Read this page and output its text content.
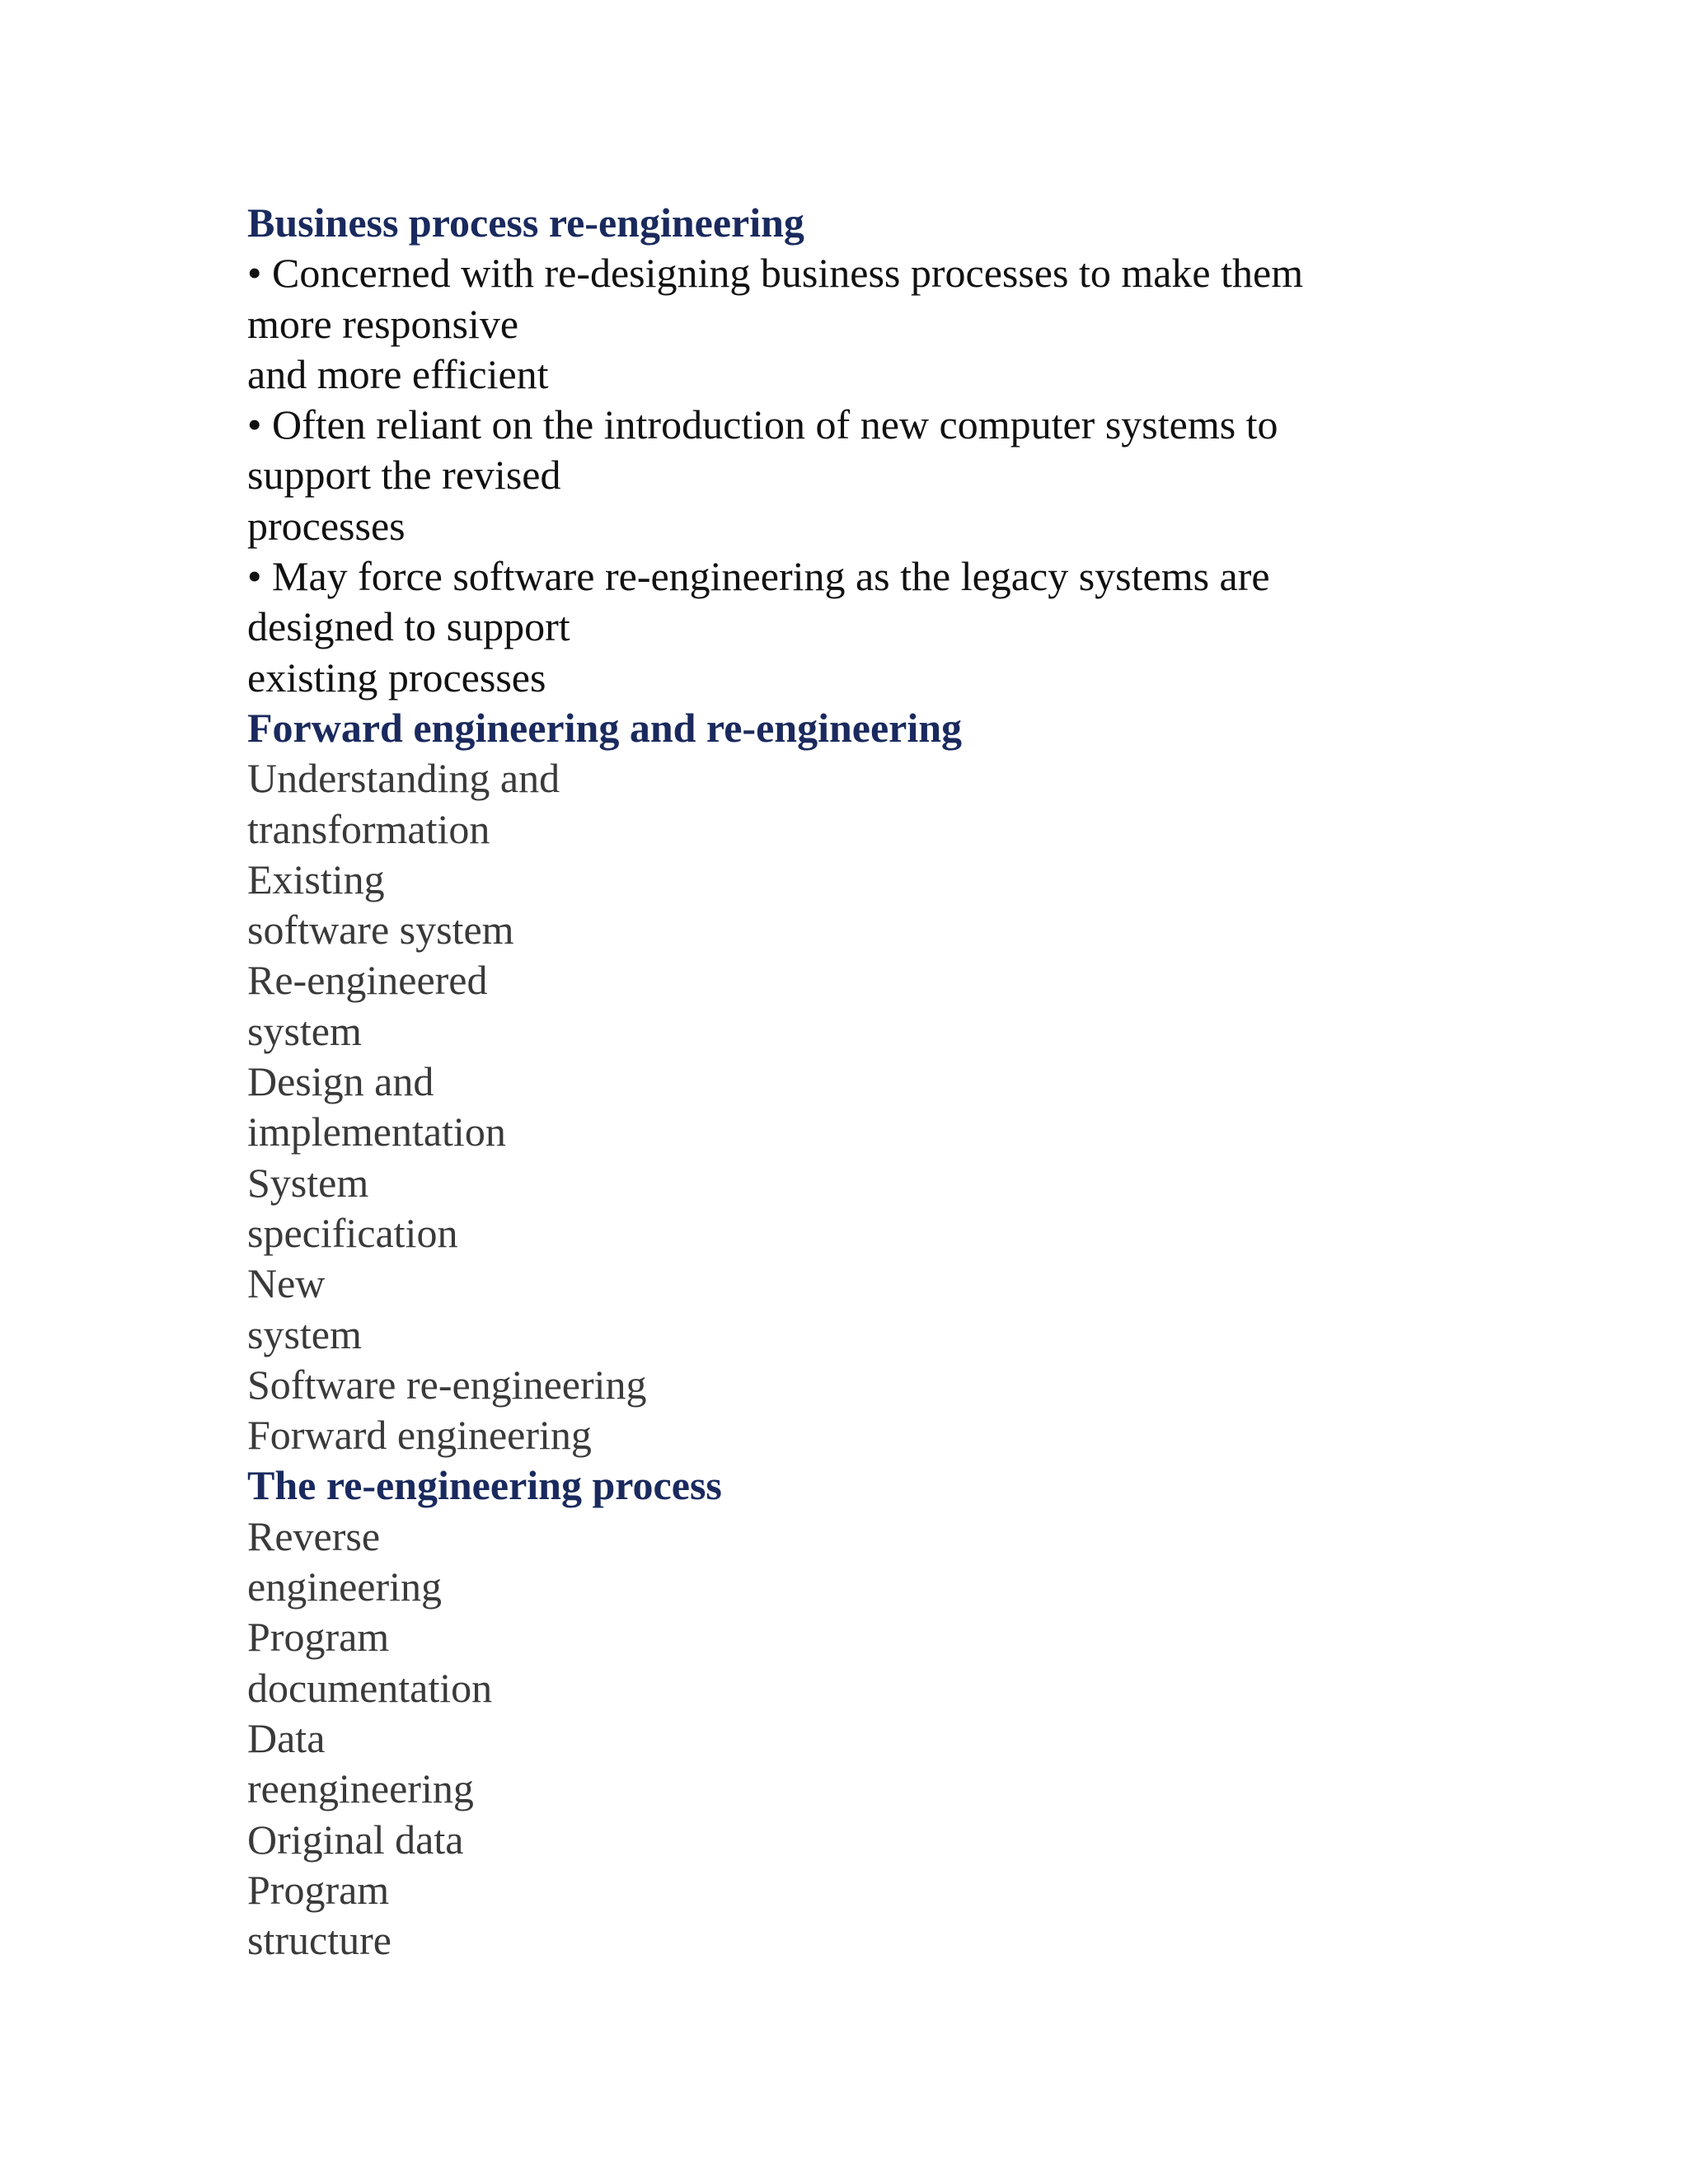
Business process re-engineering
• Concerned with re-designing business processes to make them
more responsive
and more efficient
• Often reliant on the introduction of new computer systems to
support the revised
processes
• May force software re-engineering as the legacy systems are
designed to support
existing processes
Forward engineering and re-engineering
Understanding and
transformation
Existing
software system
Re-engineered
system
Design and
implementation
System
specification
New
system
Software re-engineering
Forward engineering
The re-engineering process
Reverse
engineering
Program
documentation
Data
reengineering
Original data
Program
structure
